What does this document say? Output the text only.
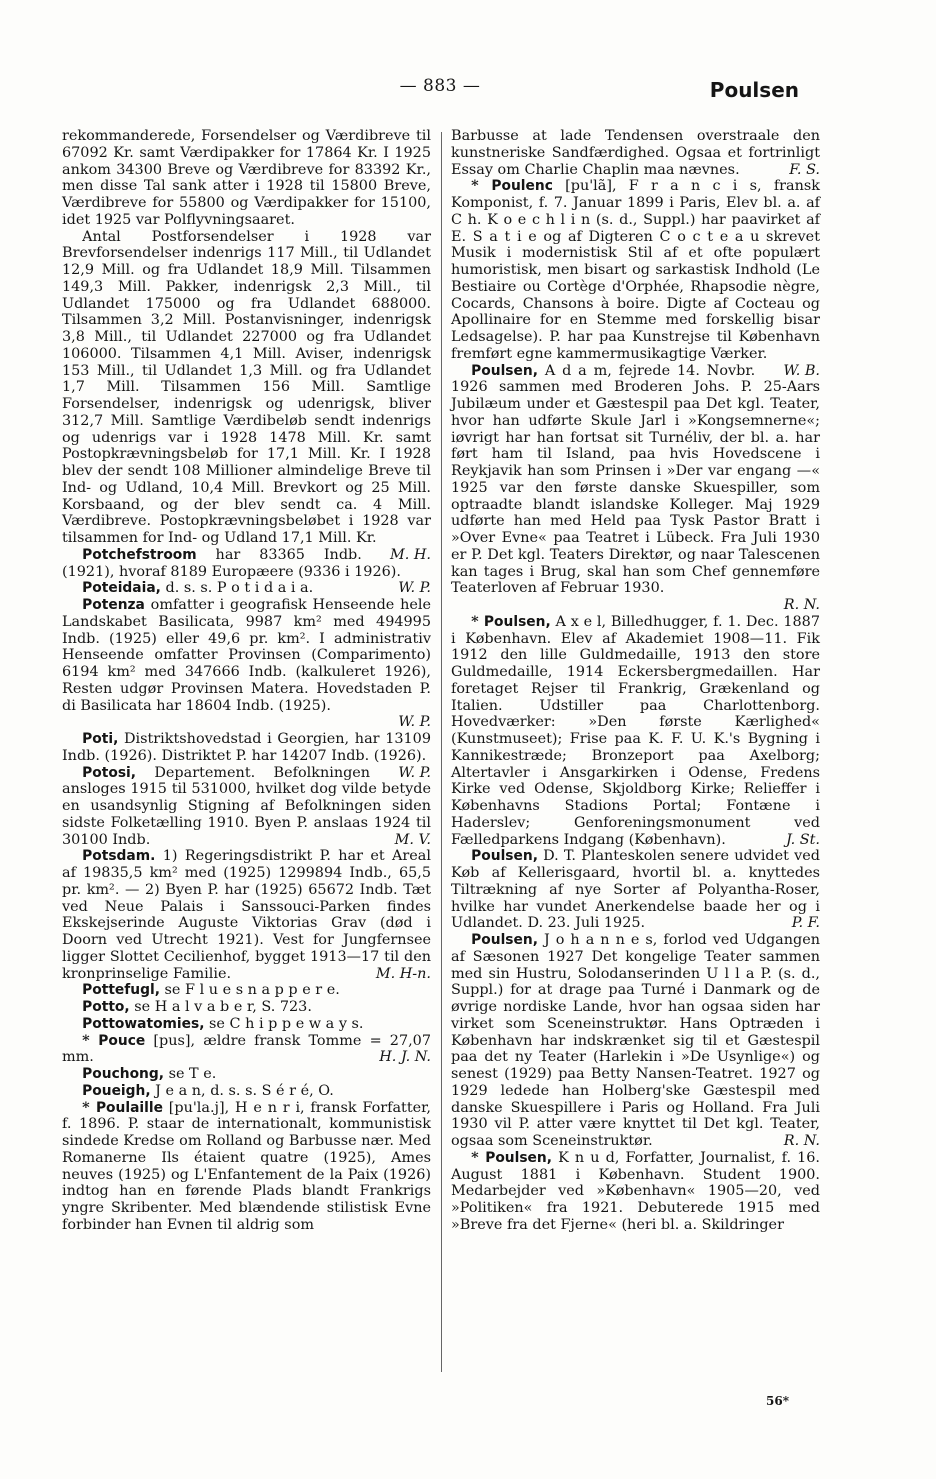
— 883 —	Poulsen

rekommanderede, Forsendelser og Værdibreve til 67092 Kr. samt Værdipakker for 17864 Kr. I 1925 ankom 34300 Breve og Værdibreve for 83392 Kr., men disse Tal sank atter i 1928 til 15800 Breve, Værdibreve for 55800 og Værdipakker for 15100, idet 1925 var Polflyvningsaaret.

Antal Postforsendelser i 1928 var Brevforsendelser indenrigs 117 Mill., til Udlandet 12,9 Mill. og fra Udlandet 18,9 Mill. Tilsammen 149,3 Mill. Pakker, indenrigsk 2,3 Mill., til Udlandet 175000 og fra Udlandet 688000. Tilsammen 3,2 Mill. Postanvisninger, indenrigsk 3,8 Mill., til Udlandet 227000 og fra Udlandet 106000. Tilsammen 4,1 Mill. Aviser, indenrigsk 153 Mill., til Udlandet 1,3 Mill. og fra Udlandet 1,7 Mill. Tilsammen 156 Mill. Samtlige Forsendelser, indenrigsk og udenrigsk, bliver 312,7 Mill. Samtlige Værdibeløb sendt indenrigs og udenrigs var i 1928 1478 Mill. Kr. samt Postopkrævningsbeløb for 17,1 Mill. Kr. I 1928 blev der sendt 108 Millioner almindelige Breve til Ind- og Udland, 10,4 Mill. Brevkort og 25 Mill. Korsbaand, og der blev sendt ca. 4 Mill. Værdibreve. Postopkrævningsbeløbet i 1928 var tilsammen for Ind- og Udland 17,1 Mill. Kr.
M. H.

Potchefstroom har 83365 Indb. (1921), hvoraf 8189 Europæere (9336 i 1926).
W. P.

Poteidaia, d. s. s. P o t i d a i a.

Potenza omfatter i geografisk Henseende hele Landskabet Basilicata, 9987 km² med 494995 Indb. (1925) eller 49,6 pr. km². I administrativ Henseende omfatter Provinsen (Comparimento) 6194 km² med 347666 Indb. (kalkuleret 1926), Resten udgør Provinsen Matera. Hovedstaden P. di Basilicata har 18604 Indb. (1925).
W. P.

Poti, Distriktshovedstad i Georgien, har 13109 Indb. (1926). Distriktet P. har 14207 Indb. (1926).
W. P.

Potosi, Departement. Befolkningen ansloges 1915 til 531000, hvilket dog vilde betyde en usandsynlig Stigning af Befolkningen siden sidste Folketælling 1910. Byen P. anslaas 1924 til 30100 Indb.	M. V.

Potsdam. 1) Regeringsdistrikt P. har et Areal af 19835,5 km² med (1925) 1299894 Indb., 65,5 pr. km². — 2) Byen P. har (1925) 65672 Indb. Tæt ved Neue Palais i Sanssouci-Parken findes Ekskejserinde Auguste Viktorias Grav (død i Doorn ved Utrecht 1921). Vest for Jungfernsee ligger Slottet Cecilienhof, bygget 1913—17 til den kronprinselige Familie.	M. H-n.

Pottefugl, se F l u e s n a p p e r e.

Potto, se H a l v a b e r, S. 723.

Pottowatomies, se C h i p p e w a y s.

* Pouce [pus], ældre fransk Tomme = 27,07 mm.	H. J. N.

Pouchong, se T e.

Poueigh, J e a n, d. s. s. S é r é, O.

* Poulaille [pu'la.j], H e n r i, fransk Forfatter, f. 1896. P. staar de internationalt, kommunistisk sindede Kredse om Rolland og Barbusse nær. Med Romanerne Ils étaient quatre (1925), Ames neuves (1925) og L'Enfantement de la Paix (1926) indtog han en førende Plads blandt Frankrigs yngre Skribenter. Med blændende stilistisk Evne forbinder han Evnen til aldrig som

Barbusse at lade Tendensen overstraale den kunstneriske Sandfærdighed. Ogsaa et fortrinligt Essay om Charlie Chaplin maa nævnes.	F. S.

* Poulenc [pu'lã], F r a n c i s, fransk Komponist, f. 7. Januar 1899 i Paris, Elev bl. a. af C h. K o e c h l i n (s. d., Suppl.) har paavirket af E. S a t i e og af Digteren C o c t e a u skrevet Musik i modernistisk Stil af et ofte populært humoristisk, men bisart og sarkastisk Indhold (Le Bestiaire ou Cortège d'Orphée, Rhapsodie nègre, Cocards, Chansons à boire. Digte af Cocteau og Apollinaire for en Stemme med forskellig bisar Ledsagelse). P. har paa Kunstrejse til København fremført egne kammermusikagtige Værker.
W. B.

Poulsen, A d a m, fejrede 14. Novbr. 1926 sammen med Broderen Johs. P. 25-Aars Jubilæum under et Gæstespil paa Det kgl. Teater, hvor han udførte Skule Jarl i »Kongsemnerne«; iøvrigt har han fortsat sit Turnéliv, der bl. a. har ført ham til Island, paa hvis Hovedscene i Reykjavik han som Prinsen i »Der var engang —« 1925 var den første danske Skuespiller, som optraadte blandt islandske Kolleger. Maj 1929 udførte han med Held paa Tysk Pastor Bratt i »Over Evne« paa Teatret i Lübeck. Fra Juli 1930 er P. Det kgl. Teaters Direktør, og naar Talescenen kan tages i Brug, skal han som Chef gennemføre Teaterloven af Februar 1930.
R. N.

* Poulsen, A x e l, Billedhugger, f. 1. Dec. 1887 i København. Elev af Akademiet 1908—11. Fik 1912 den lille Guldmedaille, 1913 den store Guldmedaille, 1914 Eckersbergmedaillen. Har foretaget Rejser til Frankrig, Grækenland og Italien. Udstiller paa Charlottenborg. Hovedværker: »Den første Kærlighed« (Kunstmuseet); Frise paa K. F. U. K.'s Bygning i Kannikestræde; Bronzeport paa Axelborg; Altertavler i Ansgarkirken i Odense, Fredens Kirke ved Odense, Skjoldborg Kirke; Relieffer i Københavns Stadions Portal; Fontæne i Haderslev; Genforeningsmonument ved Fælledparkens Indgang (København).	J. St.

Poulsen, D. T. Planteskolen senere udvidet ved Køb af Kellerisgaard, hvortil bl. a. knyttedes Tiltrækning af nye Sorter af Polyantha-Roser, hvilke har vundet Anerkendelse baade her og i Udlandet. D. 23. Juli 1925.	P. F.

Poulsen, J o h a n n e s, forlod ved Udgangen af Sæsonen 1927 Det kongelige Teater sammen med sin Hustru, Solodanserinden U l l a P. (s. d., Suppl.) for at drage paa Turné i Danmark og de øvrige nordiske Lande, hvor han ogsaa siden har virket som Sceneinstruktør. Hans Optræden i København har indskrænket sig til et Gæstespil paa det ny Teater (Harlekin i »De Usynlige«) og senest (1929) paa Betty Nansen-Teatret. 1927 og 1929 ledede han Holberg'ske Gæstespil med danske Skuespillere i Paris og Holland. Fra Juli 1930 vil P. atter være knyttet til Det kgl. Teater, ogsaa som Sceneinstruktør.	R. N.

* Poulsen, K n u d, Forfatter, Journalist, f. 16. August 1881 i København. Student 1900. Medarbejder ved »København« 1905—20, ved »Politiken« fra 1921. Debuterede 1915 med »Breve fra det Fjerne« (heri bl. a. Skildringer

56*
